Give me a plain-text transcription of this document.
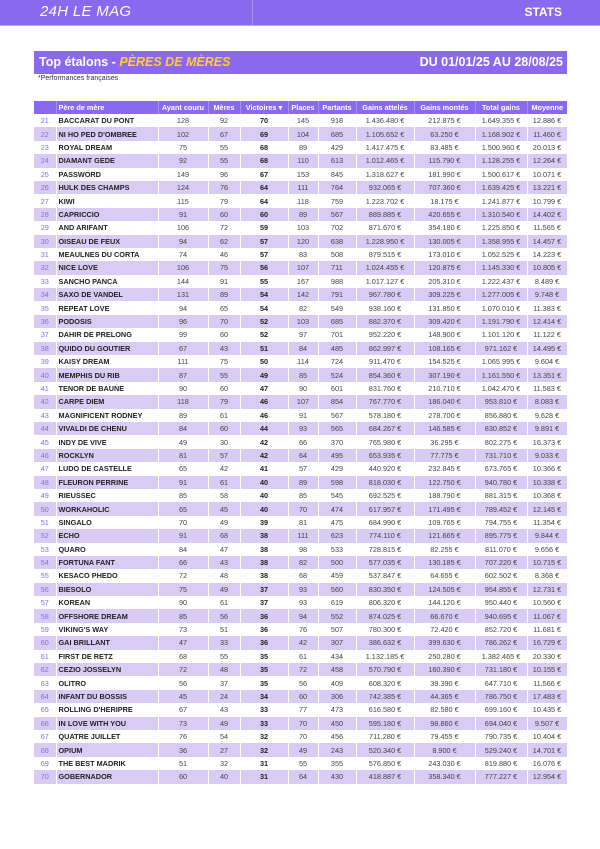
24H LE MAG	STATS
Top étalons - PÈRES DE MÈRES	DU 01/01/25 AU 28/08/25
*Performances françaises
	Père de mère	Ayant couru	Mères	Victoires ▾	Places	Partants	Gains attelés	Gains montés	Total gains	Moyenne
21	BACCARAT DU PONT	128	92	70	145	918	1.436.480 €	212.875 €	1.649.355 €	12.886 €
22	NI HO PED D'OMBREE	102	67	69	104	685	1.105.652 €	63.250 €	1.168.902 €	11.460 €
23	ROYAL DREAM	75	55	68	89	429	1.417.475 €	83.485 €	1.500.960 €	20.013 €
24	DIAMANT GEDE	92	55	68	110	613	1.012.465 €	115.790 €	1.128.255 €	12.264 €
25	PASSWORD	149	96	67	153	845	1.318.627 €	181.990 €	1.500.617 €	10.071 €
26	HULK DES CHAMPS	124	76	64	111	764	932.065 €	707.360 €	1.639.425 €	13.221 €
27	KIWI	115	79	64	118	759	1.223.702 €	18.175 €	1.241.877 €	10.799 €
28	CAPRICCIO	91	60	60	89	567	889.885 €	420.655 €	1.310.540 €	14.402 €
29	AND ARIFANT	106	72	59	103	702	871.670 €	354.180 €	1.225.850 €	11.565 €
30	OISEAU DE FEUX	94	62	57	120	638	1.228.950 €	130.005 €	1.358.955 €	14.457 €
31	MEAULNES DU CORTA	74	46	57	83	508	879.515 €	173.010 €	1.052.525 €	14.223 €
32	NICE LOVE	106	75	56	107	711	1.024.455 €	120.875 €	1.145.330 €	10.805 €
33	SANCHO PANCA	144	91	55	167	988	1.017.127 €	205.310 €	1.222.437 €	8.489 €
34	SAXO DE VANDEL	131	89	54	142	791	967.780 €	309.225 €	1.277.005 €	9.748 €
35	REPEAT LOVE	94	65	54	82	549	938.160 €	131.850 €	1.070.010 €	11.383 €
36	PODOSIS	96	70	52	103	685	882.370 €	309.420 €	1.191.790 €	12.414 €
37	DAHIR DE PRELONG	99	60	52	97	701	952.220 €	148.900 €	1.101.120 €	11.122 €
38	QUIDO DU GOUTIER	67	43	51	84	485	862.997 €	108.165 €	971.162 €	14.495 €
39	KAISY DREAM	111	75	50	114	724	911.470 €	154.525 €	1.065.995 €	9.604 €
40	MEMPHIS DU RIB	87	55	49	85	524	854.360 €	307.190 €	1.161.550 €	13.351 €
41	TENOR DE BAUNE	90	60	47	90	601	831.760 €	210.710 €	1.042.470 €	11.583 €
42	CARPE DIEM	118	79	46	107	854	767.770 €	186.040 €	953.810 €	8.083 €
43	MAGNIFICENT RODNEY	89	61	46	91	567	578.180 €	278.700 €	856.880 €	9.628 €
44	VIVALDI DE CHENU	84	60	44	93	565	684.267 €	146.585 €	830.852 €	9.891 €
45	INDY DE VIVE	49	30	42	66	370	765.980 €	36.295 €	802.275 €	16.373 €
46	ROCKLYN	81	57	42	64	495	653.935 €	77.775 €	731.710 €	9.033 €
47	LUDO DE CASTELLE	65	42	41	57	429	440.920 €	232.845 €	673.765 €	10.366 €
48	FLEURON PERRINE	91	61	40	89	598	818.030 €	122.750 €	940.780 €	10.338 €
49	RIEUSSEC	85	58	40	85	545	692.525 €	188.790 €	881.315 €	10.368 €
50	WORKAHOLIC	65	45	40	70	474	617.957 €	171.495 €	789.452 €	12.145 €
51	SINGALO	70	49	39	81	475	684.990 €	109.765 €	794.755 €	11.354 €
52	ECHO	91	68	38	111	623	774.110 €	121.665 €	895.775 €	9.844 €
53	QUARO	84	47	38	98	533	728.815 €	82.255 €	811.070 €	9.656 €
54	FORTUNA FANT	66	43	38	82	500	577.035 €	130.185 €	707.220 €	10.715 €
55	KESACO PHEDO	72	48	38	68	459	537.847 €	64.655 €	602.502 €	8.368 €
56	BIESOLO	75	49	37	93	560	830.350 €	124.505 €	954.855 €	12.731 €
57	KOREAN	90	61	37	93	619	806.320 €	144.120 €	950.440 €	10.560 €
58	OFFSHORE DREAM	85	56	36	94	552	874.025 €	66.670 €	940.695 €	11.067 €
59	VIKING'S WAY	73	51	36	76	507	780.300 €	72.420 €	852.720 €	11.681 €
60	GAI BRILLANT	47	33	36	42	307	386.632 €	399.630 €	786.262 €	16.729 €
61	FIRST DE RETZ	68	55	35	61	434	1.132.185 €	250.280 €	1.382.465 €	20.330 €
62	CEZIO JOSSELYN	72	48	35	72	458	570.790 €	160.390 €	731.180 €	10.155 €
63	OLITRO	56	37	35	56	409	608.320 €	39.390 €	647.710 €	11.566 €
64	INFANT DU BOSSIS	45	24	34	60	306	742.385 €	44.365 €	786.750 €	17.483 €
65	ROLLING D'HERIPRE	67	43	33	77	473	616.580 €	82.580 €	699.160 €	10.435 €
66	IN LOVE WITH YOU	73	49	33	70	450	595.180 €	98.860 €	694.040 €	9.507 €
67	QUATRE JUILLET	76	54	32	70	456	711.280 €	79.455 €	790.735 €	10.404 €
68	OPIUM	36	27	32	49	243	520.340 €	8.900 €	529.240 €	14.701 €
69	THE BEST MADRIK	51	32	31	55	355	576.850 €	243.030 €	819.880 €	16.076 €
70	GOBERNADOR	60	40	31	64	430	418.887 €	358.340 €	777.227 €	12.954 €
